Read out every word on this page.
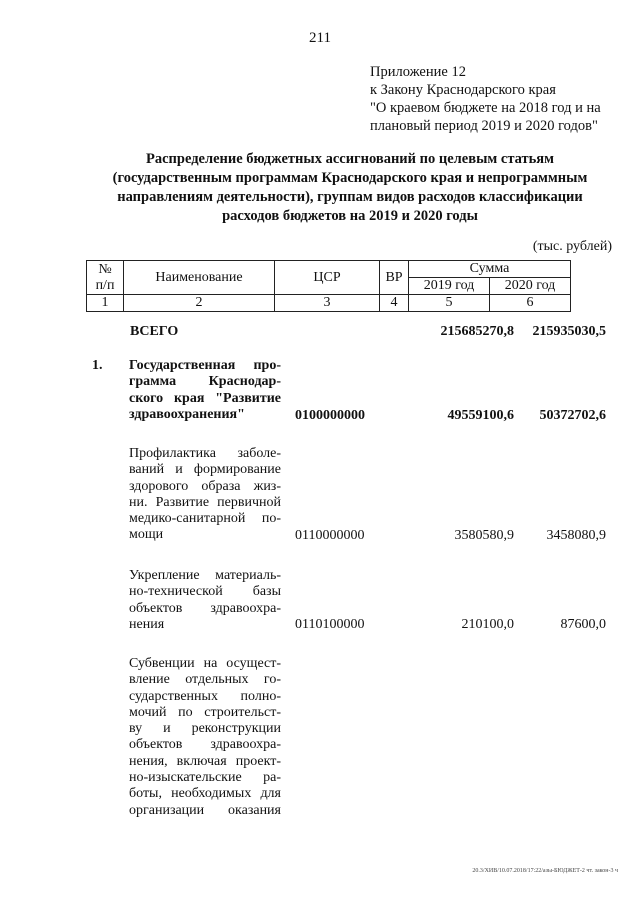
211
Приложение 12
к Закону Краснодарского края
"О краевом бюджете на 2018 год и на
плановый период 2019 и 2020 годов"
Распределение бюджетных ассигнований по целевым статьям
(государственным программам Краснодарского края и непрограммным
направлениям деятельности), группам видов расходов классификации
расходов бюджетов на 2019 и 2020 годы
(тыс. рублей)
№
п/п	Наименование	ЦСР	ВР	Сумма	
				2019 год	2020 год
1	2	3	4	5	6
ВСЕГО	215685270,8	215935030,5
1. Государственная про-
грамма Краснодар-
ского края "Развитие
здравоохранения"	0100000000	49559100,6	50372702,6
Профилактика заболе-
ваний и формирование
здорового образа жиз-
ни. Развитие первичной
медико-санитарной по-
мощи	0110000000	3580580,9	3458080,9
Укрепление материаль-
но-технической базы
объектов здравоохра-
нения	0110100000	210100,0	87600,0
Субвенции на осущест-
вление отдельных го-
сударственных полно-
мочий по строительст-
ву и реконструкции
объектов здравоохра-
нения, включая проект-
но-изыскательские ра-
боты, необходимых для
организации оказания
20.3/ХИВ/10.07.2018/17:22/азы-БЮДЖЕТ-2 чт. закон-3 ч
